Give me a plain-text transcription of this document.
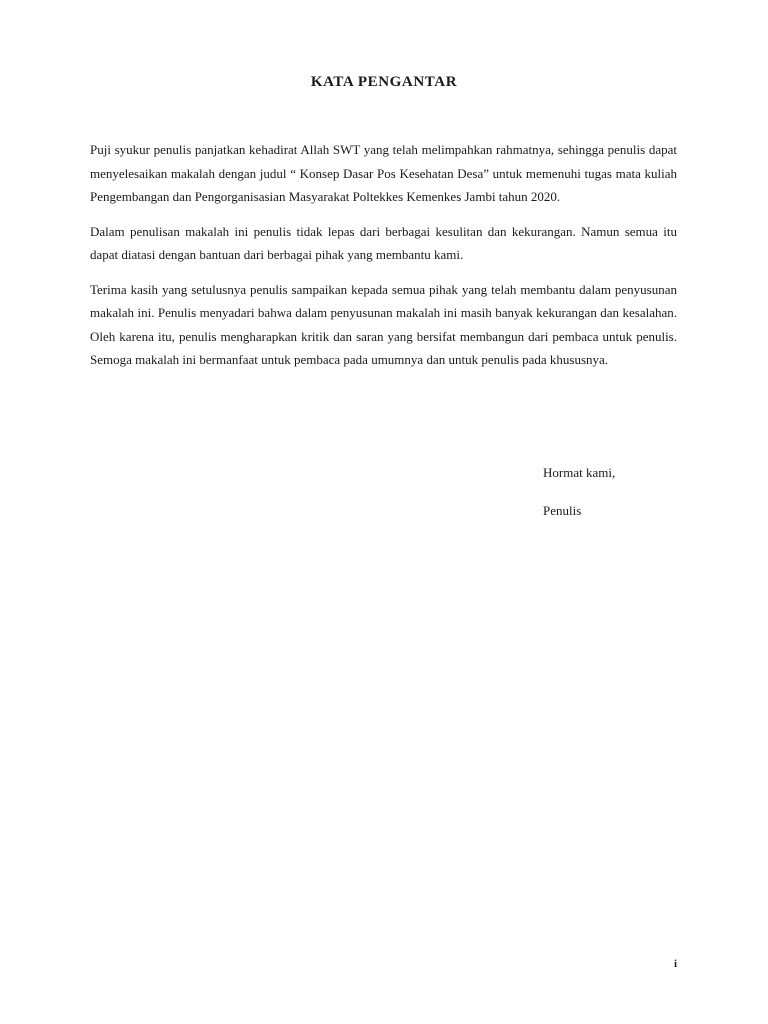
KATA PENGANTAR

Puji syukur penulis panjatkan kehadirat Allah SWT yang telah melimpahkan rahmatnya, sehingga penulis dapat menyelesaikan makalah dengan judul “ Konsep Dasar Pos Kesehatan Desa” untuk memenuhi tugas mata kuliah Pengembangan dan Pengorganisasian Masyarakat Poltekkes Kemenkes Jambi tahun 2020.

Dalam penulisan makalah ini penulis tidak lepas dari berbagai kesulitan dan kekurangan. Namun semua itu dapat diatasi dengan bantuan dari berbagai pihak yang membantu kami.

Terima kasih yang setulusnya penulis sampaikan kepada semua pihak yang telah membantu dalam penyusunan makalah ini. Penulis menyadari bahwa dalam penyusunan makalah ini masih banyak kekurangan dan kesalahan. Oleh karena itu, penulis mengharapkan kritik dan saran yang bersifat membangun dari pembaca untuk penulis. Semoga makalah ini bermanfaat untuk pembaca pada umumnya dan untuk penulis pada khususnya.

Hormat kami,

Penulis

i
